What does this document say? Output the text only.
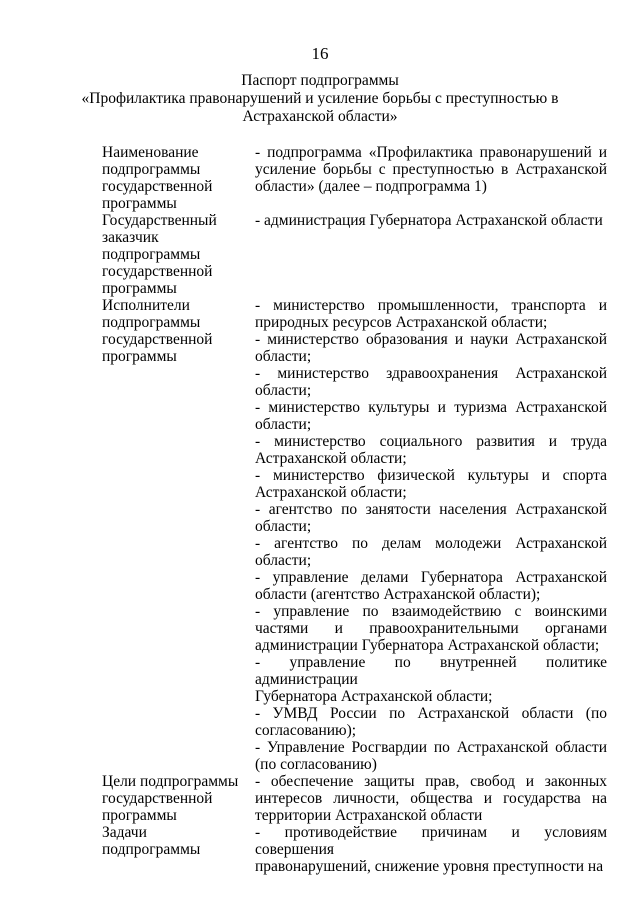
16
Паспорт подпрограммы
«Профилактика правонарушений и усиление борьбы с преступностью в
Астраханской области»
Наименование
подпрограммы
государственной
программы
- подпрограмма «Профилактика правонарушений и
усиление борьбы с преступностью в Астраханской
области» (далее – подпрограмма 1)
Государственный
заказчик
подпрограммы
государственной
программы
- администрация Губернатора Астраханской области
Исполнители
подпрограммы
государственной
программы
- министерство промышленности, транспорта и
природных ресурсов Астраханской области;
- министерство образования и науки Астраханской
области;
- министерство здравоохранения Астраханской
области;
- министерство культуры и туризма Астраханской
области;
- министерство социального развития и труда
Астраханской области;
- министерство физической культуры и спорта
Астраханской области;
- агентство по занятости населения Астраханской
области;
- агентство по делам молодежи Астраханской
области;
- управление делами Губернатора Астраханской
области (агентство Астраханской области);
- управление по взаимодействию с воинскими
частями и правоохранительными органами
администрации Губернатора Астраханской области;
- управление по внутренней политике администрации
Губернатора Астраханской области;
- УМВД России по Астраханской области (по
согласованию);
- Управление Росгвардии по Астраханской области
(по согласованию)
Цели подпрограммы
государственной
программы
- обеспечение защиты прав, свобод и законных
интересов личности, общества и государства на
территории Астраханской области
Задачи
подпрограммы
- противодействие причинам и условиям совершения
правонарушений, снижение уровня преступности на
